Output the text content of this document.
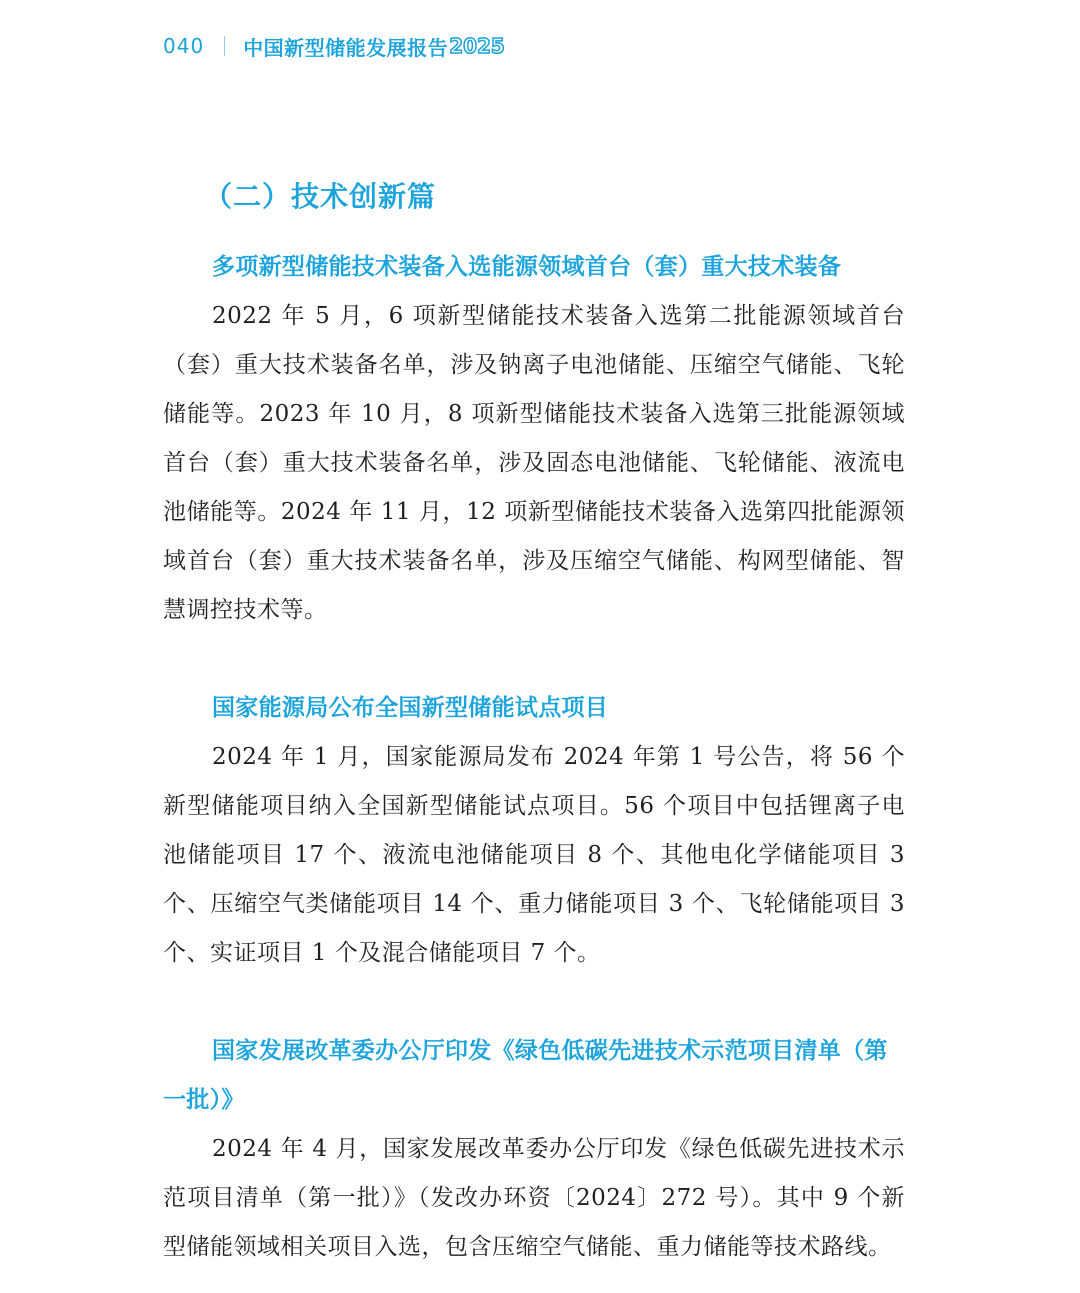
040 中国新型储能发展报告 2025
（二）技术创新篇

多项新型储能技术装备入选能源领域首台（套）重大技术装备

2022 年 5 月，6 项新型储能技术装备入选第二批能源领域首台（套）重大技术装备名单，涉及钠离子电池储能、压缩空气储能、飞轮储能等。2023 年 10 月，8 项新型储能技术装备入选第三批能源领域首台（套）重大技术装备名单，涉及固态电池储能、飞轮储能、液流电池储能等。2024 年 11 月，12 项新型储能技术装备入选第四批能源领域首台（套）重大技术装备名单，涉及压缩空气储能、构网型储能、智慧调控技术等。

国家能源局公布全国新型储能试点项目

2024 年 1 月，国家能源局发布 2024 年第 1 号公告，将 56 个新型储能项目纳入全国新型储能试点项目。56 个项目中包括锂离子电池储能项目 17 个、液流电池储能项目 8 个、其他电化学储能项目 3 个、压缩空气类储能项目 14 个、重力储能项目 3 个、飞轮储能项目 3 个、实证项目 1 个及混合储能项目 7 个。

国家发展改革委办公厅印发《绿色低碳先进技术示范项目清单（第一批）》

2024 年 4 月，国家发展改革委办公厅印发《绿色低碳先进技术示范项目清单（第一批）》（发改办环资〔2024〕272 号）。其中 9 个新型储能领域相关项目入选，包含压缩空气储能、重力储能等技术路线。
